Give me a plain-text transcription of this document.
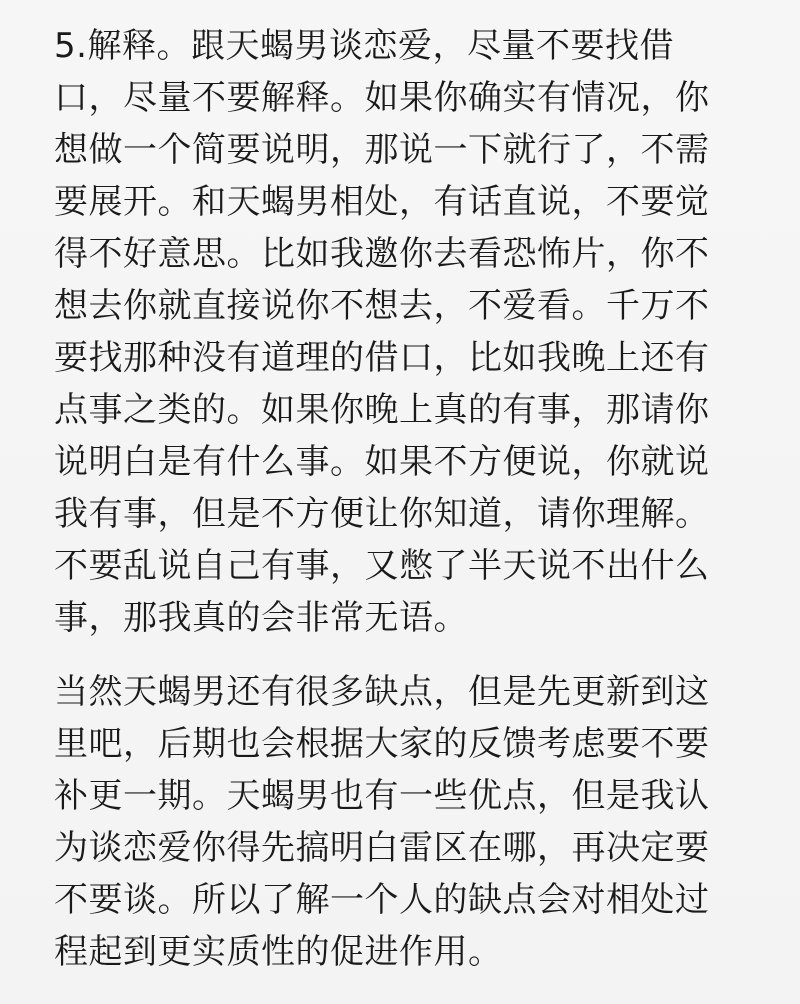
5.解释。跟天蝎男谈恋爱，尽量不要找借
口，尽量不要解释。如果你确实有情况，你
想做一个简要说明，那说一下就行了，不需
要展开。和天蝎男相处，有话直说，不要觉
得不好意思。比如我邀你去看恐怖片，你不
想去你就直接说你不想去，不爱看。千万不
要找那种没有道理的借口，比如我晚上还有
点事之类的。如果你晚上真的有事，那请你
说明白是有什么事。如果不方便说，你就说
我有事，但是不方便让你知道，请你理解。
不要乱说自己有事，又憋了半天说不出什么
事，那我真的会非常无语。

当然天蝎男还有很多缺点，但是先更新到这
里吧，后期也会根据大家的反馈考虑要不要
补更一期。天蝎男也有一些优点，但是我认
为谈恋爱你得先搞明白雷区在哪，再决定要
不要谈。所以了解一个人的缺点会对相处过
程起到更实质性的促进作用。
